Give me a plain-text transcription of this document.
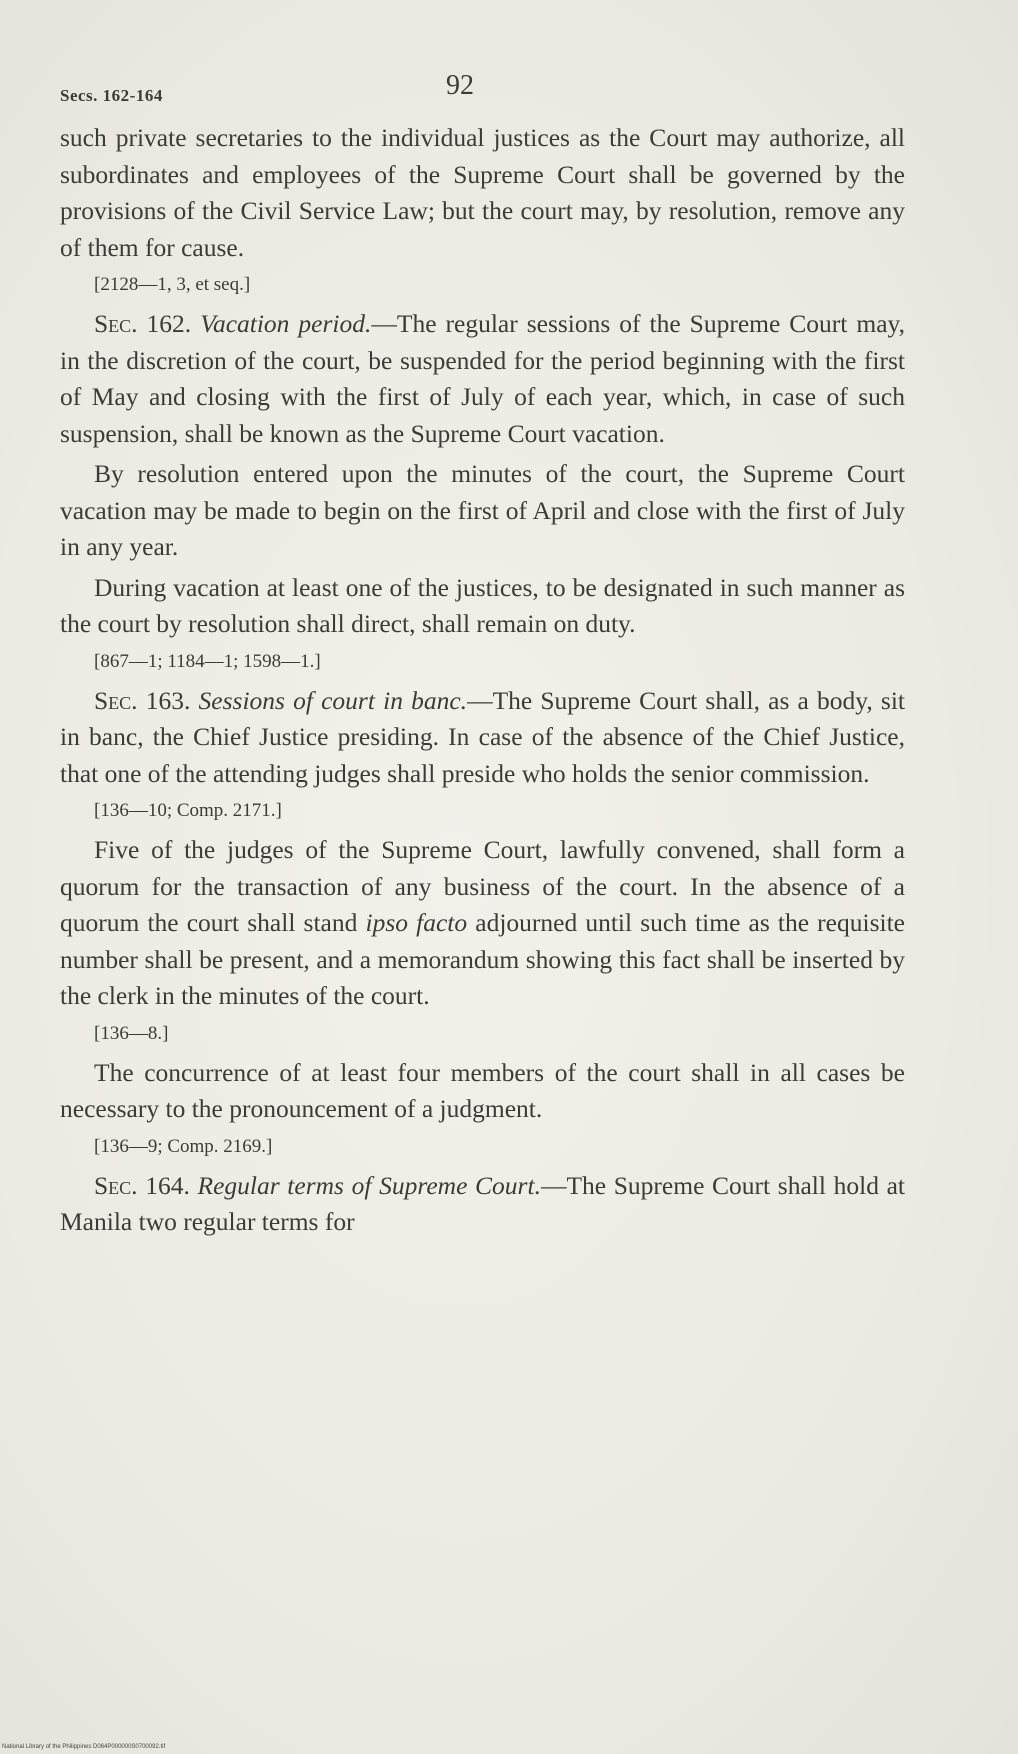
Secs. 162-164	92

such private secretaries to the individual justices as the Court may authorize, all subordinates and employees of the Supreme Court shall be governed by the provisions of the Civil Service Law; but the court may, by resolution, remove any of them for cause.

[2128—1, 3, et seq.]

Sec. 162. Vacation period.—The regular sessions of the Supreme Court may, in the discretion of the court, be suspended for the period beginning with the first of May and closing with the first of July of each year, which, in case of such suspension, shall be known as the Supreme Court vacation.

By resolution entered upon the minutes of the court, the Supreme Court vacation may be made to begin on the first of April and close with the first of July in any year.

During vacation at least one of the justices, to be designated in such manner as the court by resolution shall direct, shall remain on duty.

[867—1; 1184—1; 1598—1.]

Sec. 163. Sessions of court in banc.—The Supreme Court shall, as a body, sit in banc, the Chief Justice presiding. In case of the absence of the Chief Justice, that one of the attending judges shall preside who holds the senior commission.

[136—10; Comp. 2171.]

Five of the judges of the Supreme Court, lawfully convened, shall form a quorum for the transaction of any business of the court. In the absence of a quorum the court shall stand ipso facto adjourned until such time as the requisite number shall be present, and a memorandum showing this fact shall be inserted by the clerk in the minutes of the court.

[136—8.]

The concurrence of at least four members of the court shall in all cases be necessary to the pronouncement of a judgment.

[136—9; Comp. 2169.]

Sec. 164. Regular terms of Supreme Court.—The Supreme Court shall hold at Manila two regular terms for

National Library of the Philippines D064P000000S0700092.tif
